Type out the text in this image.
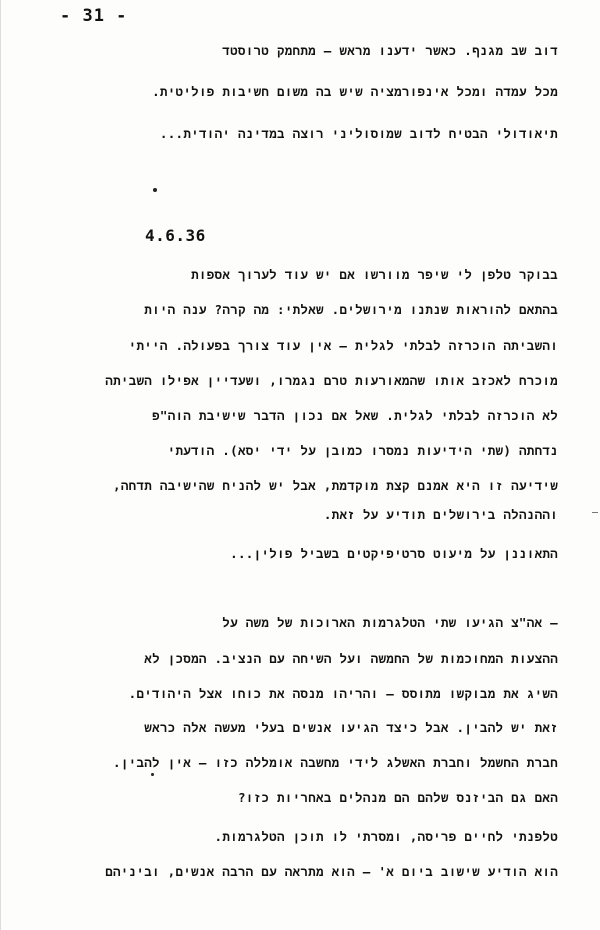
- 31 -
דוב שב מגנף. כאשר ידענו מראש – מתחמק טרוסטד
מכל עמדה ומכל אינפורמציה שיש בה משום חשיבות פוליטית.
תיאודולי הבטיח לדוב שמוסוליני רוצה במדינה יהודית...
4.6.36
בבוקר טלפן לי שיפר מוורשו אם יש עוד לערוך אספות
בהתאם להוראות שנתנו מירושלים. שאלתי: מה קרה? ענה היות
והשביתה הוכרזה לבלתי לגלית – אין עוד צורך בפעולה. הייתי
מוכרח לאכזב אותו שהמאורעות טרם נגמרו, ושעדיין אפילו השביתה
לא הוכרזה לבלתי לגלית. שאל אם נכון הדבר שישיבת הוה"פ
נדחתה (שתי הידיעות נמסרו כמובן על ידי יסא). הודעתי
שידיעה זו היא אמנם קצת מוקדמת, אבל יש להניח שהישיבה תדחה,
וההנהלה בירושלים תודיע על זאת.
התאוננן על מיעוט סרטיפיקטים בשביל פולין...
– אה"צ הגיעו שתי הטלגרמות הארוכות של משה על
ההצעות המחוכמות של החמשה ועל השיחה עם הנציב. המסכן לא
השיג את מבוקשו מתוסס – והריהו מנסה את כוחו אצל היהודים.
זאת יש להבין. אבל כיצד הגיעו אנשים בעלי מעשה אלה כראש
חברת החשמל וחברת האשלג לידי מחשבה אומללה כזו – אין להבין.
האם גם הביזנס שלהם הם מנהלים באחריות כזו?
טלפנתי לחיים פריסה, ומסרתי לו תוכן הטלגרמות.
הוא הודיע שישוב ביום א' – הוא מתראה עם הרבה אנשים, וביניהם
